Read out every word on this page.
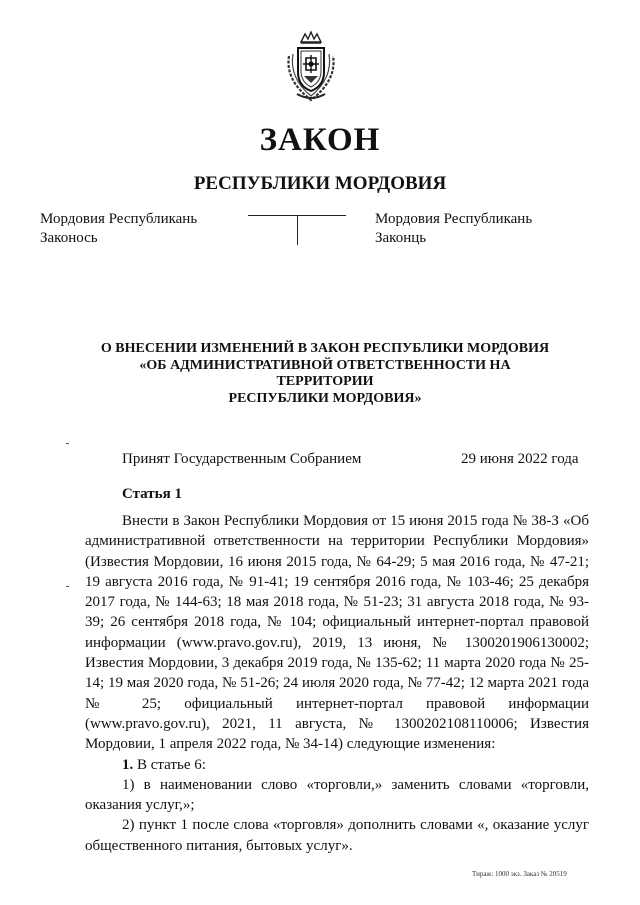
ЗАКОН
РЕСПУБЛИКИ МОРДОВИЯ
Мордовия Республикань
Законось
Мордовия Республикань
Законць
О ВНЕСЕНИИ ИЗМЕНЕНИЙ В ЗАКОН РЕСПУБЛИКИ МОРДОВИЯ
«ОБ АДМИНИСТРАТИВНОЙ ОТВЕТСТВЕННОСТИ НА ТЕРРИТОРИИ
РЕСПУБЛИКИ МОРДОВИЯ»
Принят Государственным Собранием	29 июня 2022 года
Статья 1

Внести в Закон Республики Мордовия от 15 июня 2015 года № 38-З «Об административной ответственности на территории Республики Мордовия» (Известия Мордовии, 16 июня 2015 года, № 64-29; 5 мая 2016 года, № 47-21; 19 августа 2016 года, № 91-41; 19 сентября 2016 года, № 103-46; 25 декабря 2017 года, № 144-63; 18 мая 2018 года, № 51-23; 31 августа 2018 года, № 93-39; 26 сентября 2018 года, № 104; официальный интернет-портал правовой информации (www.pravo.gov.ru), 2019, 13 июня, № 1300201906130002; Известия Мордовии, 3 декабря 2019 года, № 135-62; 11 марта 2020 года № 25-14; 19 мая 2020 года, № 51-26; 24 июля 2020 года, № 77-42; 12 марта 2021 года № 25; официальный интернет-портал правовой информации (www.pravo.gov.ru), 2021, 11 августа, № 1300202108110006; Известия Мордовии, 1 апреля 2022 года, № 34-14) следующие изменения:

1. В статье 6:

1) в наименовании слово «торговли,» заменить словами «торговли, оказания услуг,»;

2) пункт 1 после слова «торговля» дополнить словами «, оказание услуг общественного питания, бытовых услуг».

Тираж: 1000 экз. Заказ № 20519
